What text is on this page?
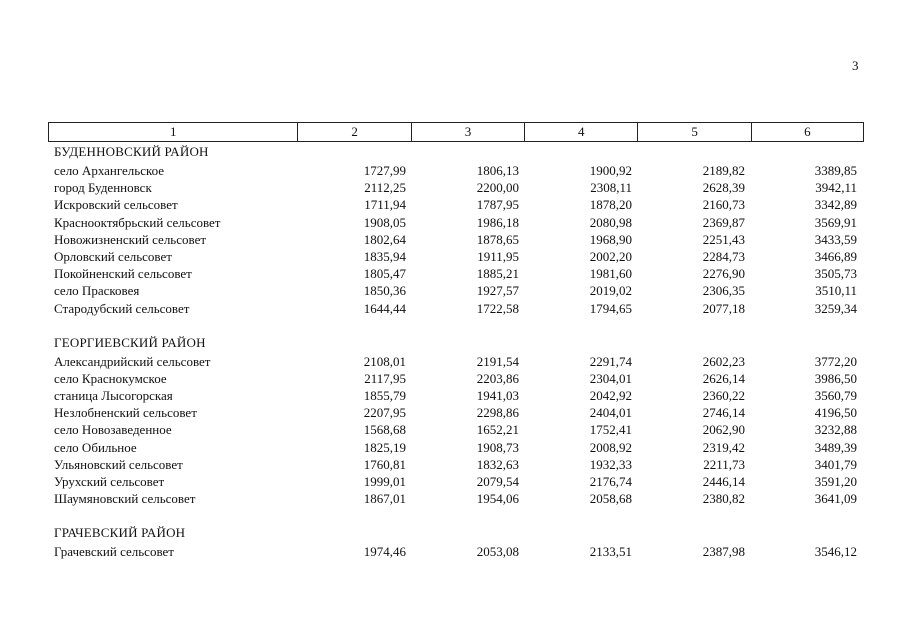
3
1	2	3	4	5	6
БУДЕННОВСКИЙ РАЙОН
село Архангельское	1727,99	1806,13	1900,92	2189,82	3389,85
город Буденновск	2112,25	2200,00	2308,11	2628,39	3942,11
Искровский сельсовет	1711,94	1787,95	1878,20	2160,73	3342,89
Краснооктябрьский сельсовет	1908,05	1986,18	2080,98	2369,87	3569,91
Новожизненский сельсовет	1802,64	1878,65	1968,90	2251,43	3433,59
Орловский сельсовет	1835,94	1911,95	2002,20	2284,73	3466,89
Покойненский сельсовет	1805,47	1885,21	1981,60	2276,90	3505,73
село Прасковея	1850,36	1927,57	2019,02	2306,35	3510,11
Стародубский сельсовет	1644,44	1722,58	1794,65	2077,18	3259,34
ГЕОРГИЕВСКИЙ РАЙОН
Александрийский сельсовет	2108,01	2191,54	2291,74	2602,23	3772,20
село Краснокумское	2117,95	2203,86	2304,01	2626,14	3986,50
станица Лысогорская	1855,79	1941,03	2042,92	2360,22	3560,79
Незлобненский сельсовет	2207,95	2298,86	2404,01	2746,14	4196,50
село Новозаведенное	1568,68	1652,21	1752,41	2062,90	3232,88
село Обильное	1825,19	1908,73	2008,92	2319,42	3489,39
Ульяновский сельсовет	1760,81	1832,63	1932,33	2211,73	3401,79
Урухский сельсовет	1999,01	2079,54	2176,74	2446,14	3591,20
Шаумяновский сельсовет	1867,01	1954,06	2058,68	2380,82	3641,09
ГРАЧЕВСКИЙ РАЙОН
Грачевский сельсовет	1974,46	2053,08	2133,51	2387,98	3546,12
